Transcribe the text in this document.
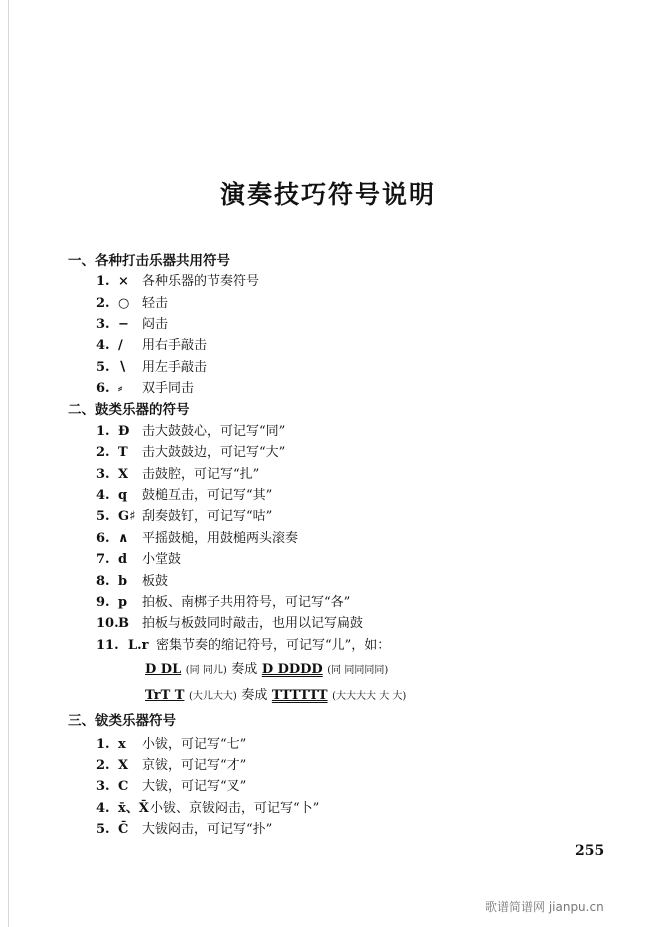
演奏技巧符号说明
一、各种打击乐器共用符号
1. × 各种乐器的节奏符号
2. ○ 轻击
3. − 闷击
4. ∕ 用右手敲击
5. ∖ 用左手敲击
6. ⸗ 双手同击
二、鼓类乐器的符号
1. Đ 击大鼓鼓心，可记写“同”
2. T 击大鼓鼓边，可记写“大”
3. X 击鼓腔，可记写“扎”
4. q 鼓槌互击，可记写“其”
5. G♯ 刮奏鼓钉，可记写“咕”
6. ∧ 平摇鼓槌，用鼓槌两头滚奏
7. d 小堂鼓
8. b 板鼓
9. p 拍板、南梆子共用符号，可记写“各”
10.B 拍板与板鼓同时敲击，也用以记写扁鼓
11. L.r 密集节奏的缩记符号，可记写“儿”，如：
D DL (同 同儿) 奏成 D DDDD (同 同同同同)
TrT T (大儿大大) 奏成 TTTTTT (大大大大 大 大)
三、钹类乐器符号
1. x 小钹，可记写“七”
2. X 京钹，可记写“才”
3. C 大钹，可记写“叉”
4. x̄、X̄小钹、京钹闷击，可记写“卜”
5. C̄ 大钹闷击，可记写“扑”
255
歌谱简谱网 jianpu.cn
